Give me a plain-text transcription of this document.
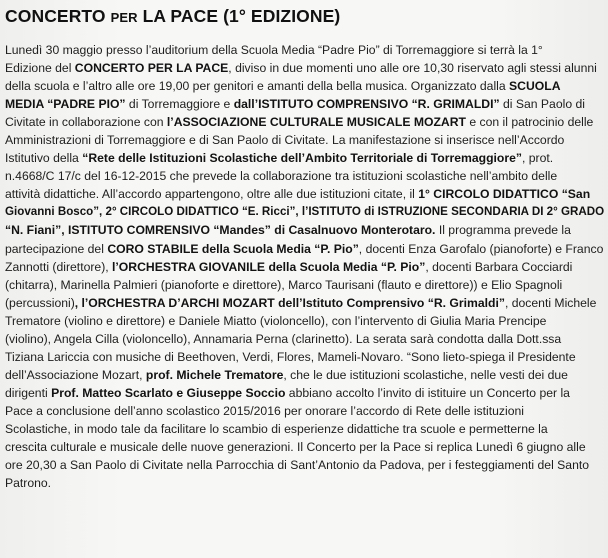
CONCERTO PER LA PACE (1° EDIZIONE)
Lunedì 30 maggio presso l’auditorium della Scuola Media “Padre Pio” di Torremaggiore si terrà la 1°
Edizione del CONCERTO PER LA PACE, diviso in due momenti uno alle ore 10,30 riservato agli stessi alunni
della scuola e l’altro alle ore 19,00 per genitori e amanti della bella musica. Organizzato dalla SCUOLA
MEDIA “PADRE PIO” di Torremaggiore e dall’ISTITUTO COMPRENSIVO “R. GRIMALDI” di San Paolo di
Civitate in collaborazione con l’ASSOCIAZIONE CULTURALE MUSICALE MOZART e con il patrocinio delle
Amministrazioni di Torremaggiore e di San Paolo di Civitate. La manifestazione si inserisce nell’Accordo
Istitutivo della “Rete delle Istituzioni Scolastiche dell’Ambito Territoriale di Torremaggiore”, prot.
n.4668/C 17/c del 16-12-2015 che prevede la collaborazione tra istituzioni scolastiche nell’ambito delle
attività didattiche. All’accordo appartengono, oltre alle due istituzioni citate, il 1° CIRCOLO DIDATTICO “San
Giovanni Bosco”, 2° CIRCOLO DIDATTICO “E. Ricci”, l’ISTITUTO di ISTRUZIONE SECONDARIA DI 2° GRADO
“N. Fiani”, ISTITUTO COMRENSIVO “Mandes” di Casalnuovo Monterotaro. Il programma prevede la
partecipazione del CORO STABILE della Scuola Media “P. Pio”, docenti Enza Garofalo (pianoforte) e Franco
Zannotti (direttore), l’ORCHESTRA GIOVANILE della Scuola Media “P. Pio”, docenti Barbara Cocciardi
(chitarra), Marinella Palmieri (pianoforte e direttore), Marco Taurisani (flauto e direttore)) e Elio Spagnoli
(percussioni), l’ORCHESTRA D’ARCHI MOZART dell’Istituto Comprensivo “R. Grimaldi”, docenti Michele
Trematore (violino e direttore) e Daniele Miatto (violoncello), con l’intervento di Giulia Maria Prencipe
(violino), Angela Cilla (violoncello), Annamaria Perna (clarinetto). La serata sarà condotta dalla Dott.ssa
Tiziana Lariccia con musiche di Beethoven, Verdi, Flores, Mameli-Novaro. “Sono lieto-spiega il Presidente
dell’Associazione Mozart, prof. Michele Trematore, che le due istituzioni scolastiche, nelle vesti dei due
dirigenti Prof. Matteo Scarlato e Giuseppe Soccio abbiano accolto l’invito di istituire un Concerto per la
Pace a conclusione dell’anno scolastico 2015/2016 per onorare l’accordo di Rete delle istituzioni
Scolastiche, in modo tale da facilitare lo scambio di esperienze didattiche tra scuole e permetterne la
crescita culturale e musicale delle nuove generazioni. Il Concerto per la Pace si replica Lunedì 6 giugno alle
ore 20,30 a San Paolo di Civitate nella Parrocchia di Sant’Antonio da Padova, per i festeggiamenti del Santo
Patrono.
